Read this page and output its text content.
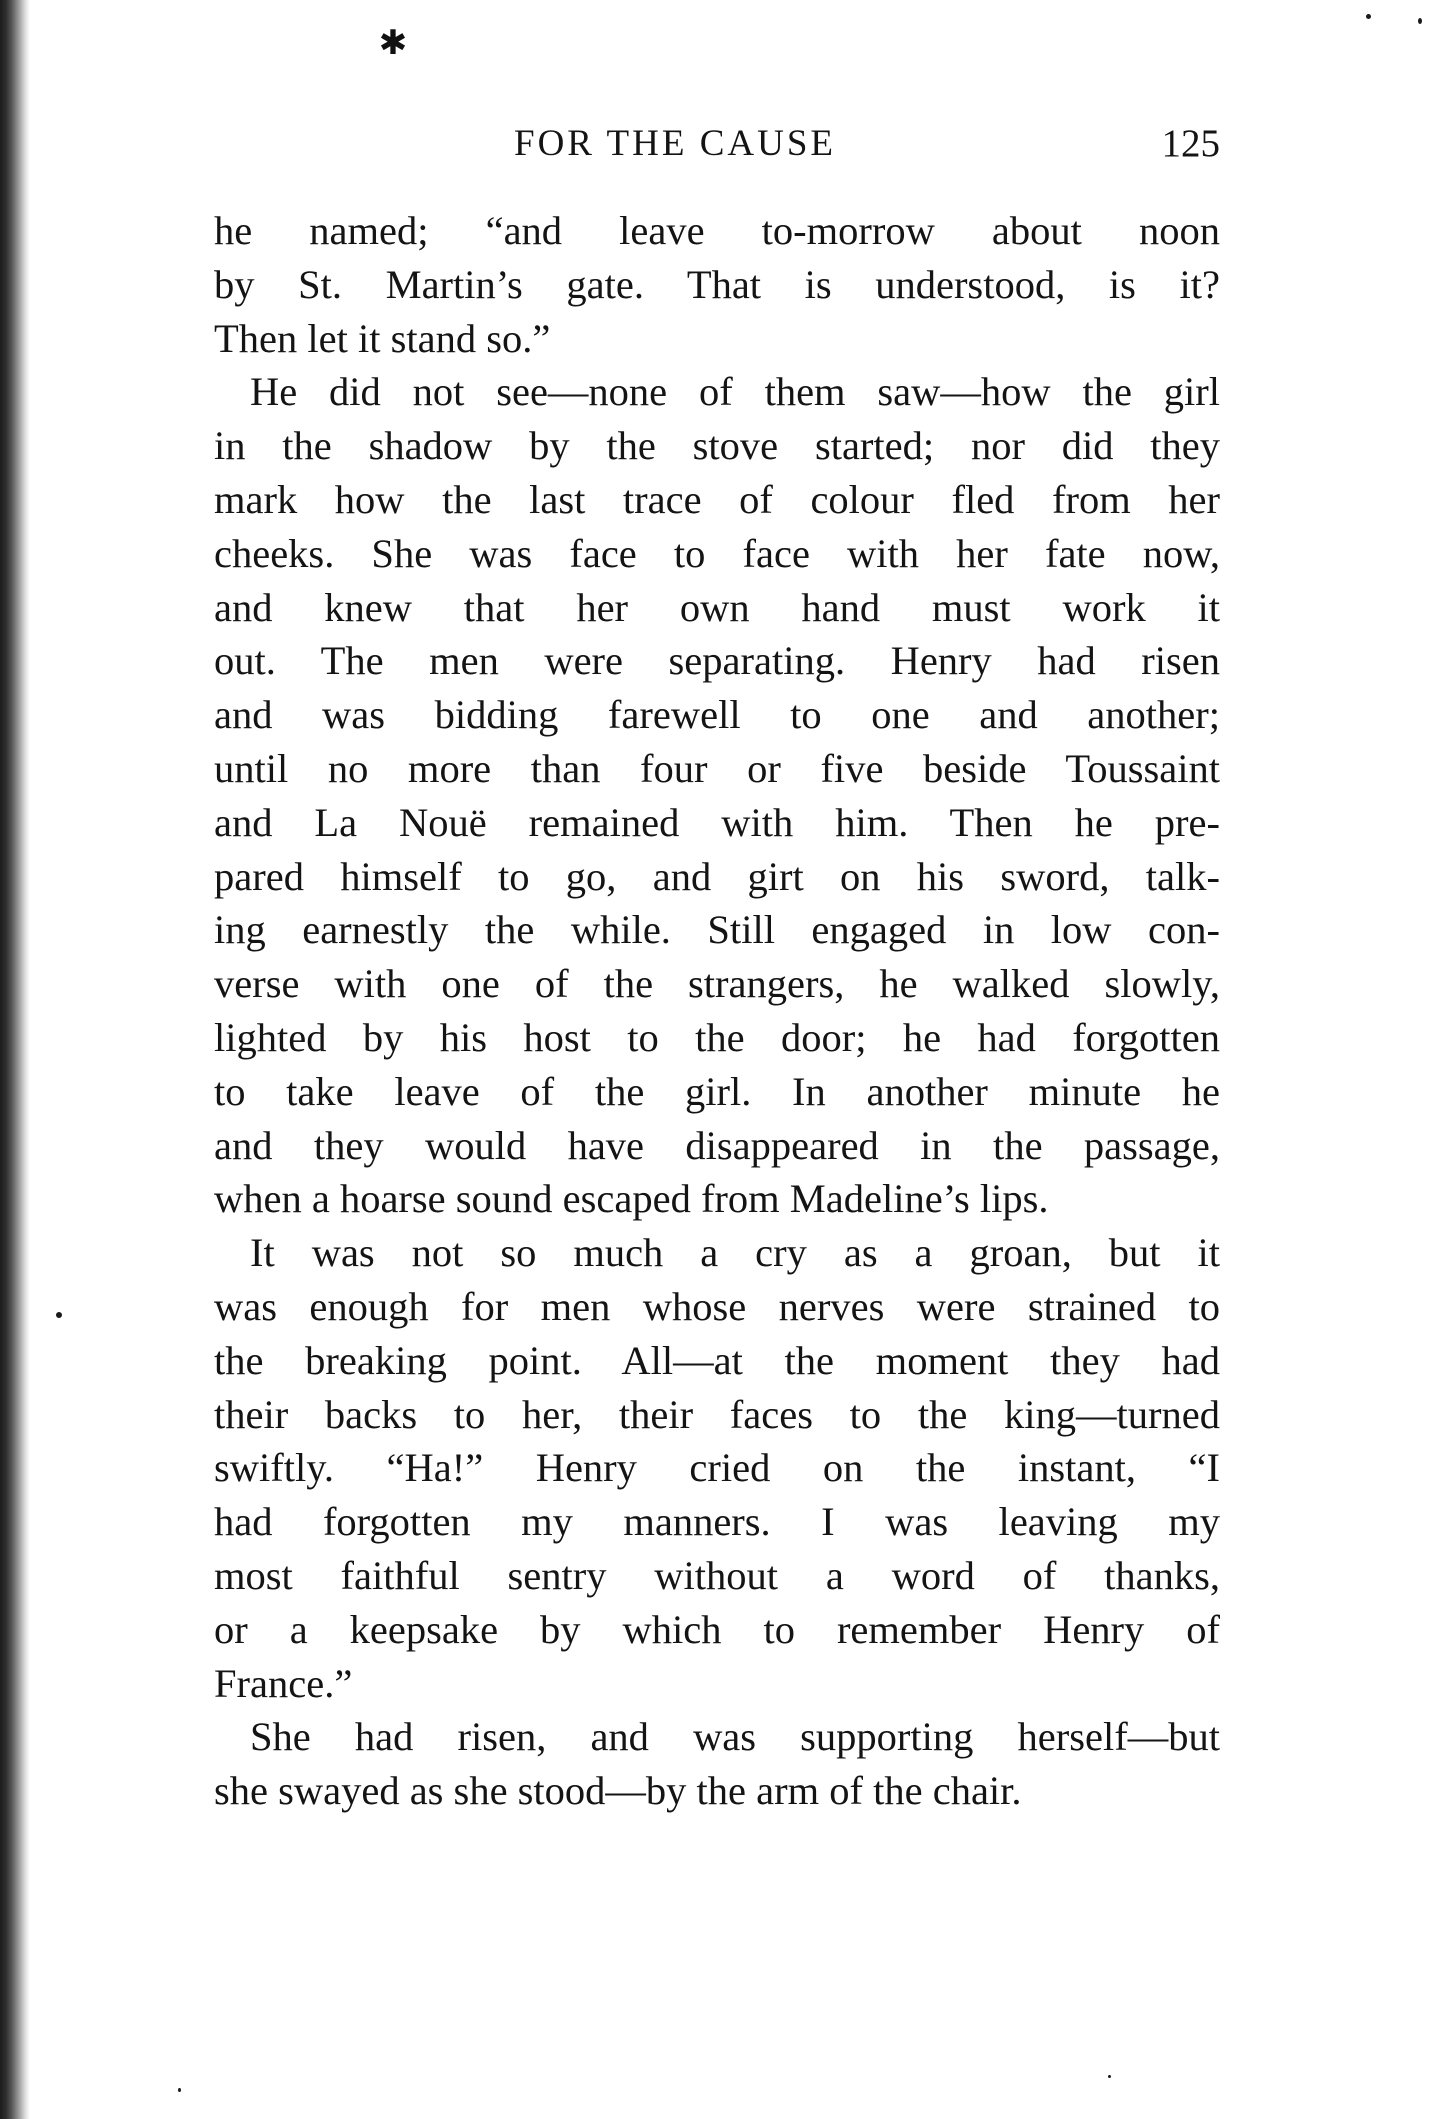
✱
FOR THE CAUSE	125
he named; “and leave to-morrow about noon
by St. Martin’s gate. That is understood, is it?
Then let it stand so.”
He did not see—none of them saw—how the girl
in the shadow by the stove started; nor did they
mark how the last trace of colour fled from her
cheeks. She was face to face with her fate now,
and knew that her own hand must work it
out. The men were separating. Henry had risen
and was bidding farewell to one and another;
until no more than four or five beside Toussaint
and La Nouë remained with him. Then he pre-
pared himself to go, and girt on his sword, talk-
ing earnestly the while. Still engaged in low con-
verse with one of the strangers, he walked slowly,
lighted by his host to the door; he had forgotten
to take leave of the girl. In another minute he
and they would have disappeared in the passage,
when a hoarse sound escaped from Madeline’s lips.
It was not so much a cry as a groan, but it
was enough for men whose nerves were strained to
the breaking point. All—at the moment they had
their backs to her, their faces to the king—turned
swiftly. “Ha!” Henry cried on the instant, “I
had forgotten my manners. I was leaving my
most faithful sentry without a word of thanks,
or a keepsake by which to remember Henry of
France.”
She had risen, and was supporting herself—but
she swayed as she stood—by the arm of the chair.
